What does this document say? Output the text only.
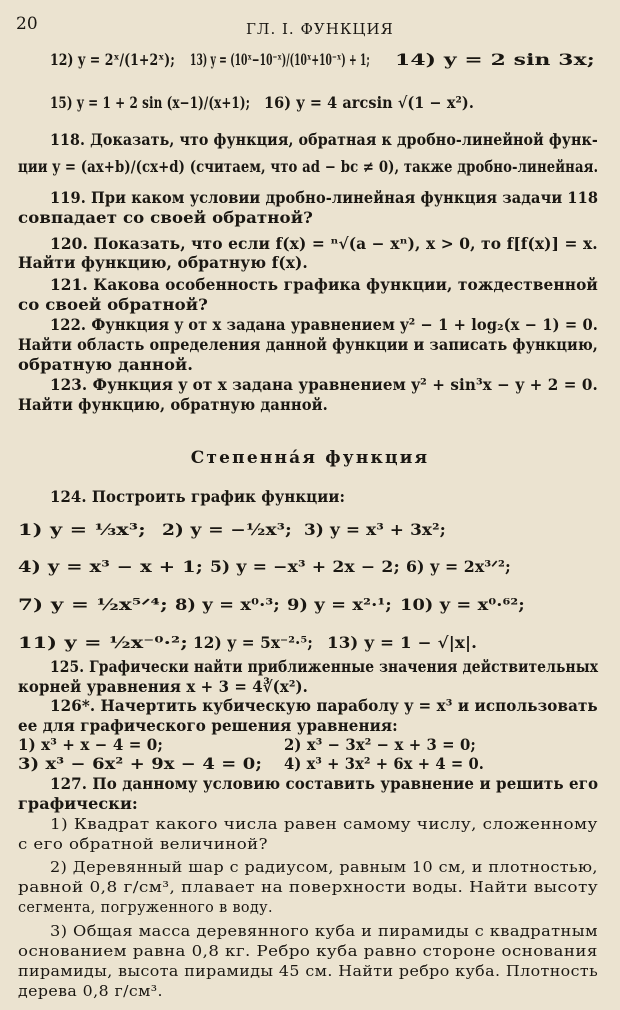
20	ГЛ. I. ФУНКЦИЯ
Степенна́я функция
12) y = 2ˣ/(1+2ˣ); 13) y = (10ˣ−10⁻ˣ)/(10ˣ+10⁻ˣ) + 1; 14) y = 2 sin 3x;
15) y = 1 + 2 sin (x−1)/(x+1); 16) y = 4 arcsin √(1 − x²).
118. Доказать, что функция, обратная к дробно-линейной функ-
ции y = (ax+b)/(cx+d) (считаем, что ad − bc ≠ 0), также дробно-линейная.
119. При каком условии дробно-линейная функция задачи 118
совпадает со своей обратной?
120. Показать, что если f(x) = ⁿ√(a − xⁿ), x > 0, то f[f(x)] = x.
Найти функцию, обратную f(x).
121. Какова особенность графика функции, тождественной
со своей обратной?
122. Функция y от x задана уравнением y² − 1 + log₂(x − 1) = 0.
Найти область определения данной функции и записать функцию,
обратную данной.
123. Функция y от x задана уравнением y² + sin³x − y + 2 = 0.
Найти функцию, обратную данной.
124. Построить график функции:
1) y = ⅓x³; 2) y = −½x³; 3) y = x³ + 3x²;
4) y = x³ − x + 1; 5) y = −x³ + 2x − 2; 6) y = 2x³ᐟ²;
7) y = ½x⁵ᐟ⁴; 8) y = x⁰·³; 9) y = x²·¹; 10) y = x⁰·⁶²;
11) y = ½x⁻⁰·²; 12) y = 5x⁻²·⁵; 13) y = 1 − √|x|.
125. Графически найти приближенные значения действительных
корней уравнения x + 3 = 4∛(x²).
126*. Начертить кубическую параболу y = x³ и использовать
ее для графического решения уравнения:
1) x³ + x − 4 = 0;	2) x³ − 3x² − x + 3 = 0;
3) x³ − 6x² + 9x − 4 = 0; 4) x³ + 3x² + 6x + 4 = 0.
127. По данному условию составить уравнение и решить его
графически:
1) Квадрат какого числа равен самому числу, сложенному
с его обратной величиной?
2) Деревянный шар с радиусом, равным 10 см, и плотностью,
равной 0,8 г/см³, плавает на поверхности воды. Найти высоту
сегмента, погруженного в воду.
3) Общая масса деревянного куба и пирамиды с квадратным
основанием равна 0,8 кг. Ребро куба равно стороне основания
пирамиды, высота пирамиды 45 см. Найти ребро куба. Плотность
дерева 0,8 г/см³.
